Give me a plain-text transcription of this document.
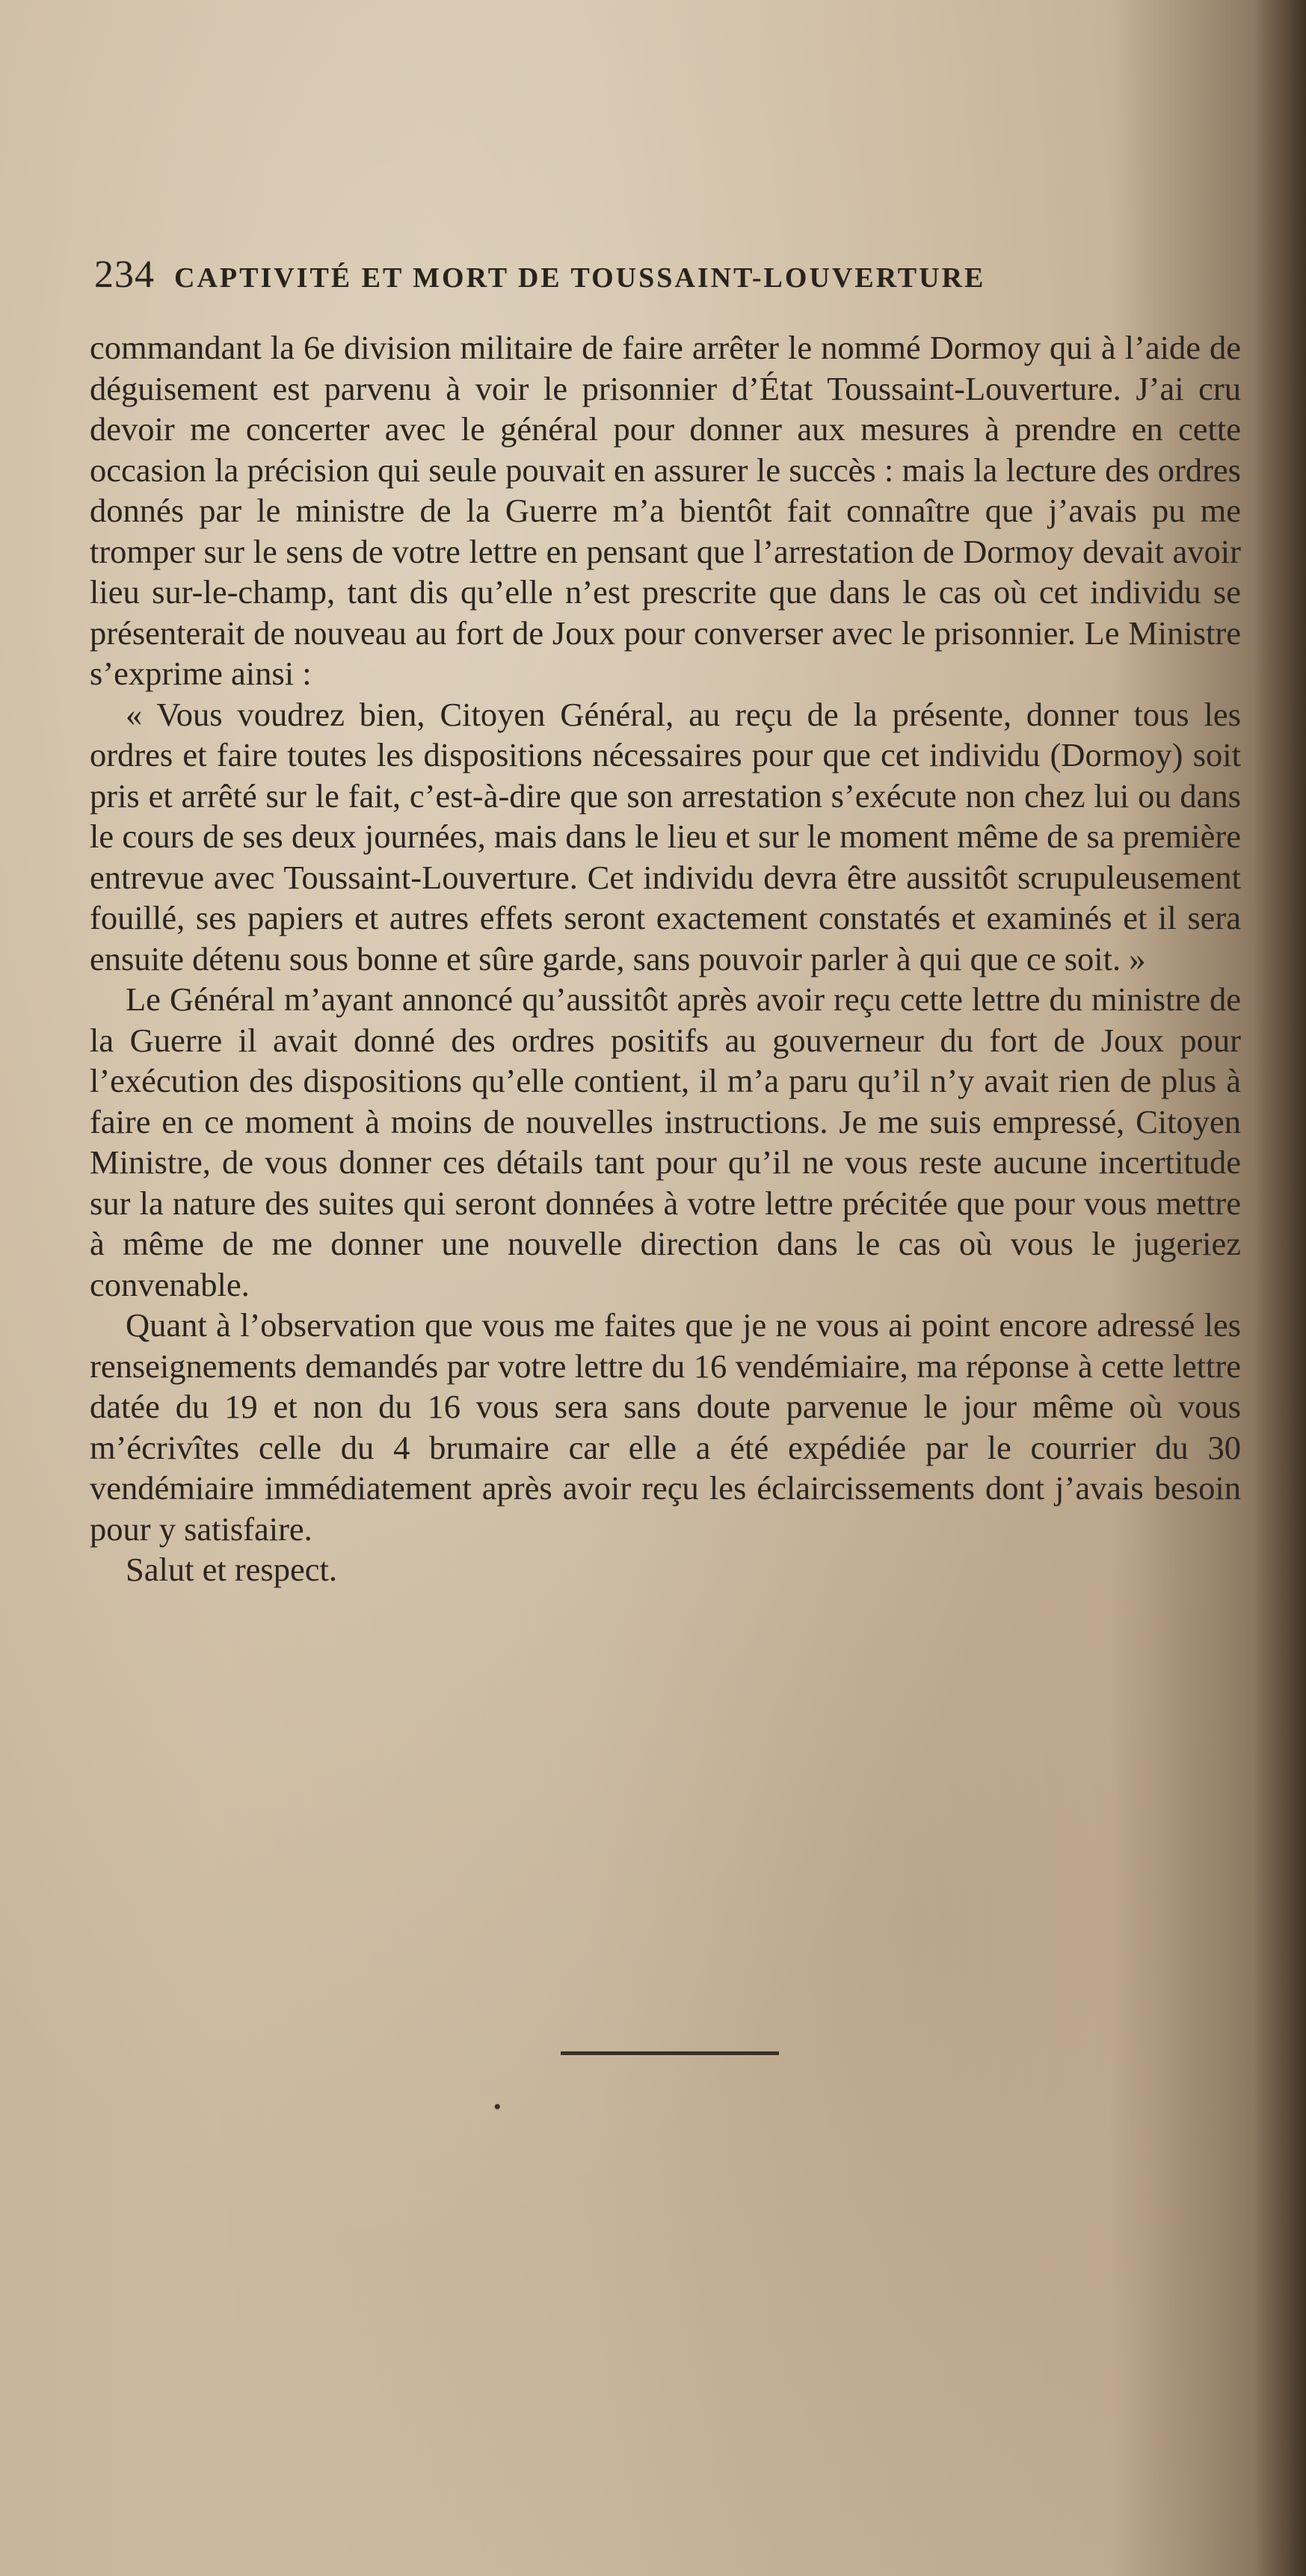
234 CAPTIVITÉ ET MORT DE TOUSSAINT-LOUVERTURE

commandant la 6e division militaire de faire arrêter le nommé Dormoy qui à l’aide de déguisement est parvenu à voir le prisonnier d’État Toussaint-Louverture. J’ai cru devoir me concerter avec le général pour donner aux mesures à prendre en cette occasion la précision qui seule pouvait en assurer le succès : mais la lecture des ordres donnés par le ministre de la Guerre m’a bientôt fait connaître que j’avais pu me tromper sur le sens de votre lettre en pensant que l’arrestation de Dormoy devait avoir lieu sur-le-champ, tant dis qu’elle n’est prescrite que dans le cas où cet individu se présenterait de nouveau au fort de Joux pour converser avec le prisonnier. Le Ministre s’exprime ainsi :

« Vous voudrez bien, Citoyen Général, au reçu de la présente, donner tous les ordres et faire toutes les dispositions nécessaires pour que cet individu (Dormoy) soit pris et arrêté sur le fait, c’est-à-dire que son arrestation s’exécute non chez lui ou dans le cours de ses deux journées, mais dans le lieu et sur le moment même de sa première entrevue avec Toussaint-Louverture. Cet individu devra être aussitôt scrupuleusement fouillé, ses papiers et autres effets seront exactement constatés et examinés et il sera ensuite détenu sous bonne et sûre garde, sans pouvoir parler à qui que ce soit. »

Le Général m’ayant annoncé qu’aussitôt après avoir reçu cette lettre du ministre de la Guerre il avait donné des ordres positifs au gouverneur du fort de Joux pour l’exécution des dispositions qu’elle contient, il m’a paru qu’il n’y avait rien de plus à faire en ce moment à moins de nouvelles instructions. Je me suis empressé, Citoyen Ministre, de vous donner ces détails tant pour qu’il ne vous reste aucune incertitude sur la nature des suites qui seront données à votre lettre précitée que pour vous mettre à même de me donner une nouvelle direction dans le cas où vous le jugeriez convenable.

Quant à l’observation que vous me faites que je ne vous ai point encore adressé les renseignements demandés par votre lettre du 16 vendémiaire, ma réponse à cette lettre datée du 19 et non du 16 vous sera sans doute parvenue le jour même où vous m’écrivîtes celle du 4 brumaire car elle a été expédiée par le courrier du 30 vendémiaire immédiatement après avoir reçu les éclaircissements dont j’avais besoin pour y satisfaire.

Salut et respect.

•
